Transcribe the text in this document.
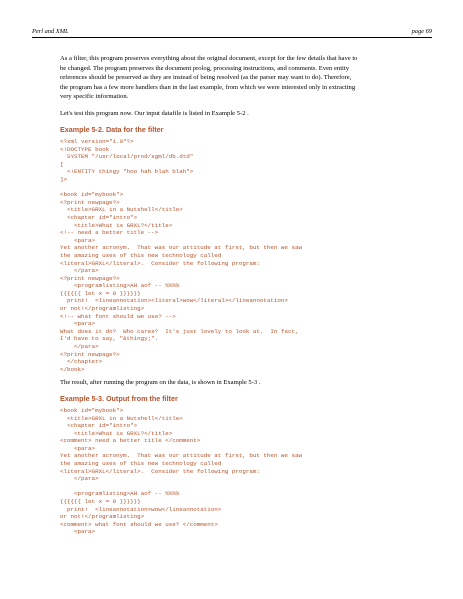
Perl and XML	page 69

As a filter, this program preserves everything about the original document, except for the few details that have to
be changed. The program preserves the document prolog, processing instructions, and comments. Even entity
references should be preserved as they are instead of being resolved (as the parser may want to do). Therefore,
the program has a few more handlers than in the last example, from which we were interested only in extracting
very specific information.

Let's test this program now. Our input datafile is listed in Example 5-2 .

Example 5-2. Data for the filter
<?xml version="1.0"?>
<!DOCTYPE book
SYSTEM "/usr/local/prod/sgml/db.dtd"
[
<!ENTITY thingy "hoo hah blah blah">
]>

<book id="mybook">
<?print newpage?>
<title>GRXL in a Nutshell</title>
<chapter id="intro">
<title>What is GRXL?</title>
<!-- need a better title -->
<para>
Yet another acronym.  That was our attitude at first, but then we saw
the amazing uses of this new technology called
<literal>GRXL</literal>.  Consider the following program:
</para>
<?print newpage?>
<programlisting>AH aof -- %%%%
{{{{{{ let x = 0 }}}}}}
print!  <lineannotation><literal>wow</literal></lineannotation>
or not!</programlisting>
<!-- what font should we use? -->
<para>
What does it do?  Who cares?  It's just lovely to look at.  In fact,
I'd have to say, "&thingy;".
</para>
<?print newpage?>
</chapter>
</book>

The result, after running the program on the data, is shown in Example 5-3 .

Example 5-3. Output from the filter
<book id="mybook">
<title>GRXL in a Nutshell</title>
<chapter id="intro">
<title>What is GRXL?</title>
<comment> need a better title </comment>
<para>
Yet another acronym.  That was our attitude at first, but then we saw
the amazing uses of this new technology called
<literal>GRXL</literal>.  Consider the following program:
</para>

<programlisting>AH aof -- %%%%
{{{{{{ let x = 0 }}}}}}
print!  <lineannotation>wow</lineannotation>
or not!</programlisting>
<comment> what font should we use? </comment>
<para>
